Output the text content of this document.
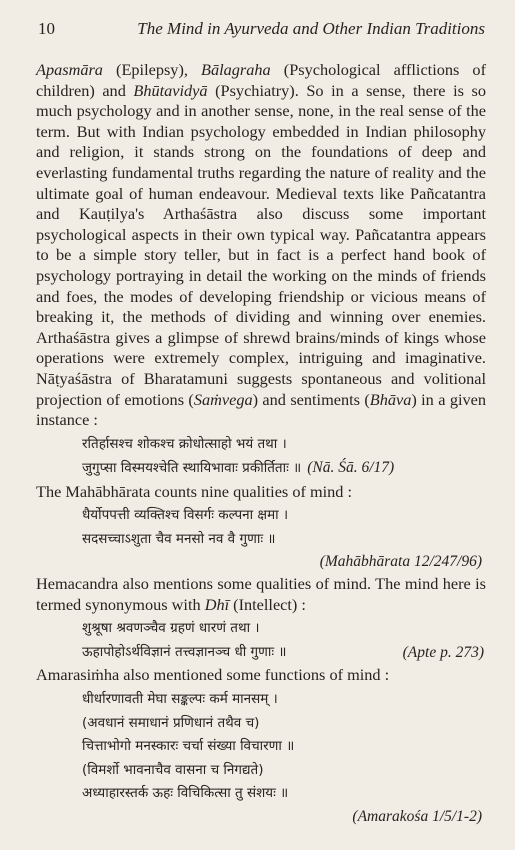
10	The Mind in Ayurveda and Other Indian Traditions

Apasmāra (Epilepsy), Bālagraha (Psychological afflictions of children) and Bhūtavidyā (Psychiatry). So in a sense, there is so much psychology and in another sense, none, in the real sense of the term. But with Indian psychology embedded in Indian philosophy and religion, it stands strong on the foundations of deep and everlasting fundamental truths regarding the nature of reality and the ultimate goal of human endeavour. Medieval texts like Pañcatantra and Kauṭilya's Arthaśāstra also discuss some important psychological aspects in their own typical way. Pañcatantra appears to be a simple story teller, but in fact is a perfect hand book of psychology portraying in detail the working on the minds of friends and foes, the modes of developing friendship or vicious means of breaking it, the methods of dividing and winning over enemies. Arthaśāstra gives a glimpse of shrewd brains/minds of kings whose operations were extremely complex, intriguing and imaginative. Nāṭyaśāstra of Bharatamuni suggests spontaneous and volitional projection of emotions (Saṁvega) and sentiments (Bhāva) in a given instance :

रतिर्हासश्च शोकश्च क्रोधोत्साहो भयं तथा ।
जुगुप्सा विस्मयश्चेति स्थायिभावाः प्रकीर्तिताः ॥ (Nā. Śā. 6/17)

The Mahābhārata counts nine qualities of mind :

धैर्योपपत्ती व्यक्तिश्च विसर्गः कल्पना क्षमा ।
सदसच्चाऽशुता चैव मनसो नव वै गुणाः ॥
(Mahābhārata 12/247/96)

Hemacandra also mentions some qualities of mind. The mind here is termed synonymous with Dhī (Intellect) :

शुश्रूषा श्रवणञ्चैव ग्रहणं धारणं तथा ।
ऊहापोहोऽर्थविज्ञानं तत्त्वज्ञानञ्च धी गुणाः ॥	(Apte p. 273)

Amarasiṁha also mentioned some functions of mind :

धीर्धारणावती मेघा सङ्कल्पः कर्म मानसम् ।
(अवधानं समाधानं प्रणिधानं तथैव च)
चित्ताभोगो मनस्कारः चर्चा संख्या विचारणा ॥
(विमर्शो भावनाचैव वासना च निगद्यते)
अध्याहारस्तर्क ऊहः विचिकित्सा तु संशयः ॥
(Amarakośa 1/5/1-2)
